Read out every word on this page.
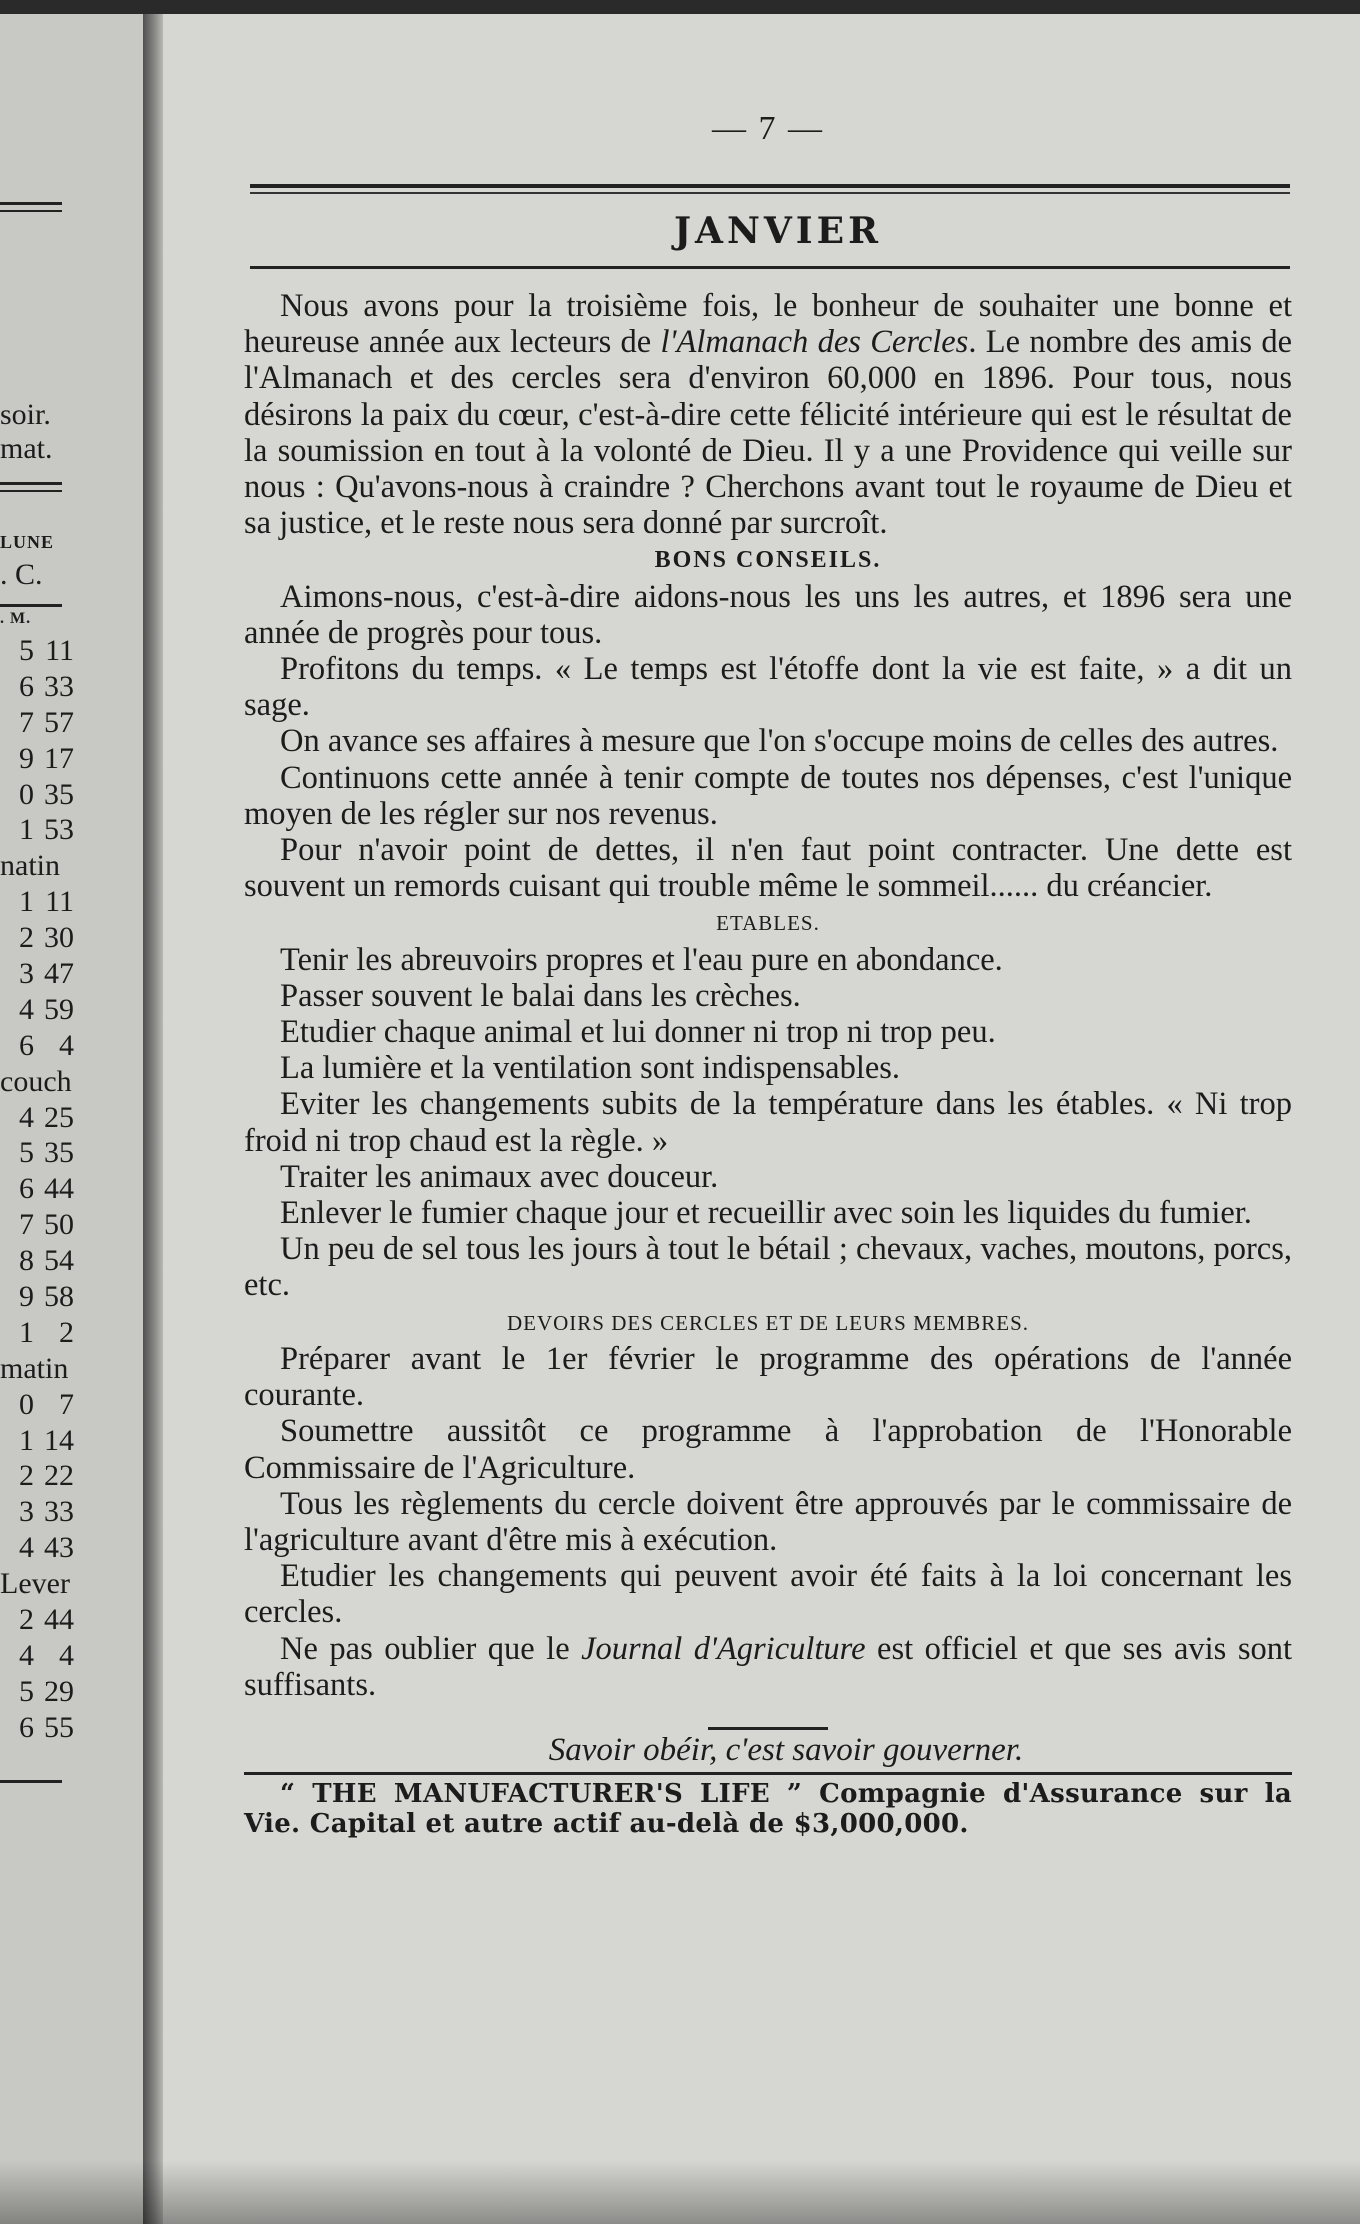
soir.
mat.
LUNE
. C.
. M.
5 11
6 33
7 57
9 17
0 35
1 53
natin
1 11
2 30
3 47
4 59
6 4
couch
4 25
5 35
6 44
7 50
8 54
9 58
1 2
matin
0 7
1 14
2 22
3 33
4 43
Lever
2 44
4 4
5 29
6 55
— 7 —
JANVIER

Nous avons pour la troisième fois, le bonheur de souhaiter une bonne et heureuse année aux lecteurs de l'Almanach des Cercles. Le nombre des amis de l'Almanach et des cercles sera d'environ 60,000 en 1896. Pour tous, nous désirons la paix du cœur, c'est-à-dire cette félicité intérieure qui est le résultat de la soumission en tout à la volonté de Dieu. Il y a une Providence qui veille sur nous : Qu'avons-nous à craindre ? Cherchons avant tout le royaume de Dieu et sa justice, et le reste nous sera donné par surcroît.

BONS CONSEILS.

Aimons-nous, c'est-à-dire aidons-nous les uns les autres, et 1896 sera une année de progrès pour tous.

Profitons du temps. « Le temps est l'étoffe dont la vie est faite, » a dit un sage.

On avance ses affaires à mesure que l'on s'occupe moins de celles des autres.

Continuons cette année à tenir compte de toutes nos dépenses, c'est l'unique moyen de les régler sur nos revenus.

Pour n'avoir point de dettes, il n'en faut point contracter. Une dette est souvent un remords cuisant qui trouble même le sommeil...... du créancier.

ETABLES.

Tenir les abreuvoirs propres et l'eau pure en abondance.

Passer souvent le balai dans les crèches.

Etudier chaque animal et lui donner ni trop ni trop peu.

La lumière et la ventilation sont indispensables.

Eviter les changements subits de la température dans les étables. « Ni trop froid ni trop chaud est la règle. »

Traiter les animaux avec douceur.

Enlever le fumier chaque jour et recueillir avec soin les liquides du fumier.

Un peu de sel tous les jours à tout le bétail ; chevaux, vaches, moutons, porcs, etc.

DEVOIRS DES CERCLES ET DE LEURS MEMBRES.

Préparer avant le 1er février le programme des opérations de l'année courante.

Soumettre aussitôt ce programme à l'approbation de l'Honorable Commissaire de l'Agriculture.

Tous les règlements du cercle doivent être approuvés par le commissaire de l'agriculture avant d'être mis à exécution.

Etudier les changements qui peuvent avoir été faits à la loi concernant les cercles.

Ne pas oublier que le Journal d'Agriculture est officiel et que ses avis sont suffisants.

Savoir obéir, c'est savoir gouverner.

“ THE MANUFACTURER'S LIFE ” Compagnie d'Assurance sur la Vie. Capital et autre actif au-delà de $3,000,000.
